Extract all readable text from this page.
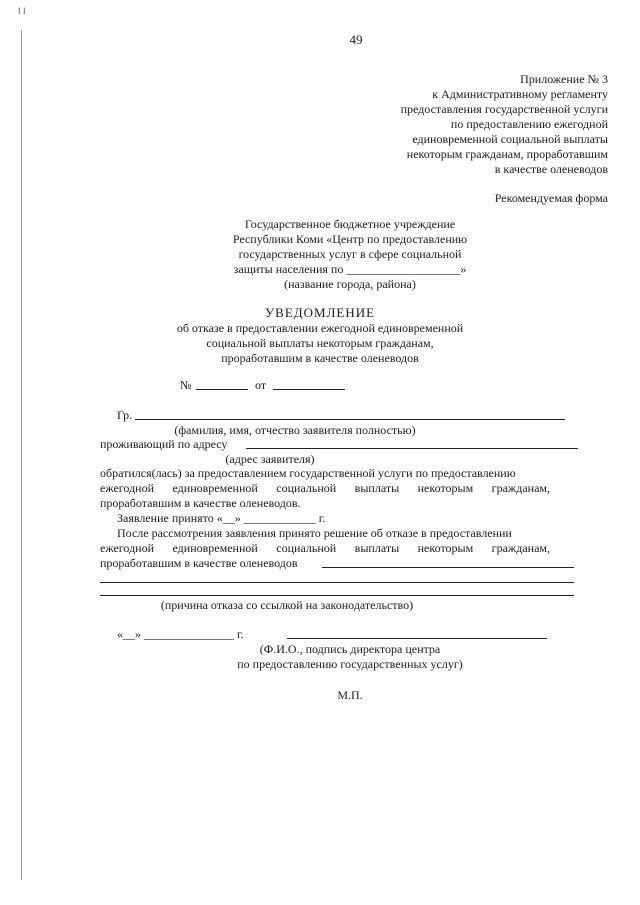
I I
49
Приложение № 3
к Административному регламенту
предоставления государственной услуги
по предоставлению ежегодной
единовременной социальной выплаты
некоторым гражданам, проработавшим
в качестве оленеводов
Рекомендуемая форма
Государственное бюджетное учреждение
Республики Коми «Центр по предоставлению
государственных услуг в сфере социальной
защиты населения по ___________________»
(название города, района)
УВЕДОМЛЕНИЕ
об отказе в предоставлении ежегодной единовременной
социальной выплаты некоторым гражданам,
проработавшим в качестве оленеводов
№	от
Гр.
(фамилия, имя, отчество заявителя полностью)
проживающий по адресу
(адрес заявителя)
обратился(лась) за предоставлением государственной услуги по предоставлению
ежегодной единовременной социальной выплаты некоторым гражданам,
проработавшим в качестве оленеводов.
Заявление принято «__» ____________ г.
После рассмотрения заявления принято решение об отказе в предоставлении
ежегодной единовременной социальной выплаты некоторым гражданам,
проработавшим в качестве оленеводов
(причина отказа со ссылкой на законодательство)
«__» _______________ г.
(Ф.И.О., подпись директора центра
по предоставлению государственных услуг)
М.П.
